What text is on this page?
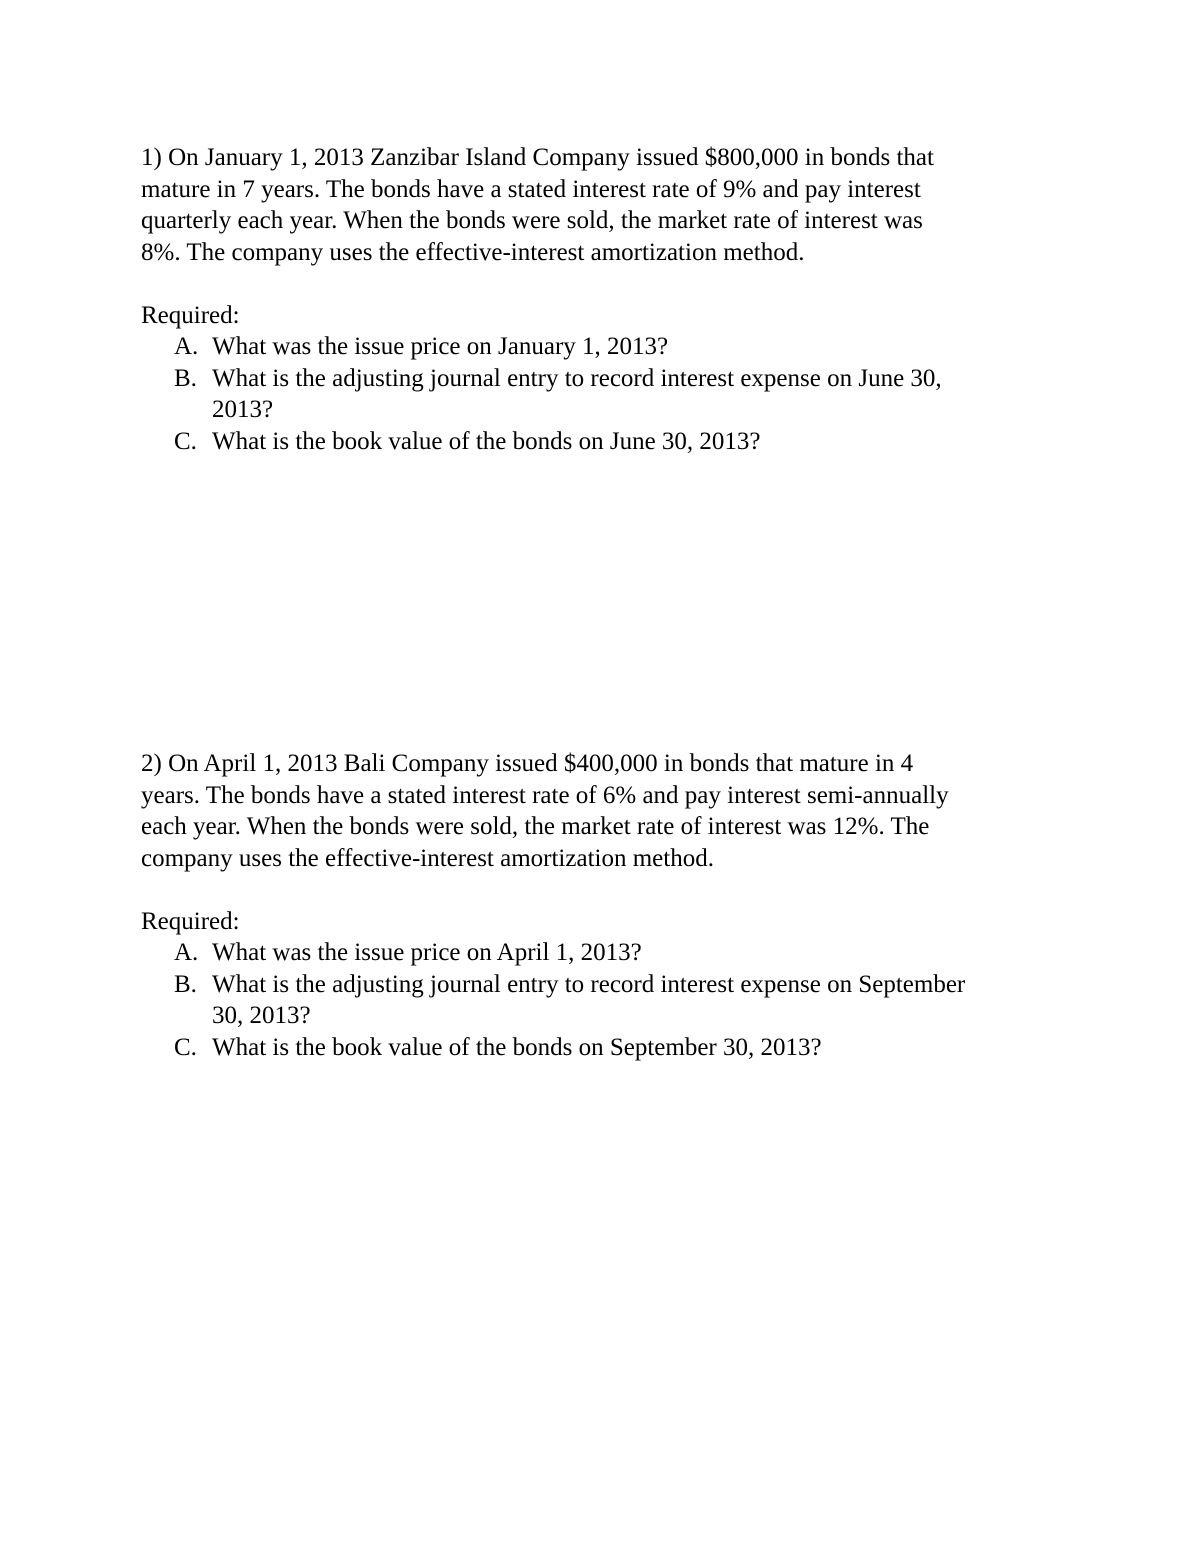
1) On January 1, 2013 Zanzibar Island Company issued $800,000 in bonds that
mature in 7 years. The bonds have a stated interest rate of 9% and pay interest
quarterly each year. When the bonds were sold, the market rate of interest was
8%. The company uses the effective-interest amortization method.
Required:
A. What was the issue price on January 1, 2013?
B. What is the adjusting journal entry to record interest expense on June 30,
2013?
C. What is the book value of the bonds on June 30, 2013?
2) On April 1, 2013 Bali Company issued $400,000 in bonds that mature in 4
years. The bonds have a stated interest rate of 6% and pay interest semi-annually
each year. When the bonds were sold, the market rate of interest was 12%. The
company uses the effective-interest amortization method.
Required:
A. What was the issue price on April 1, 2013?
B. What is the adjusting journal entry to record interest expense on September
30, 2013?
C. What is the book value of the bonds on September 30, 2013?
